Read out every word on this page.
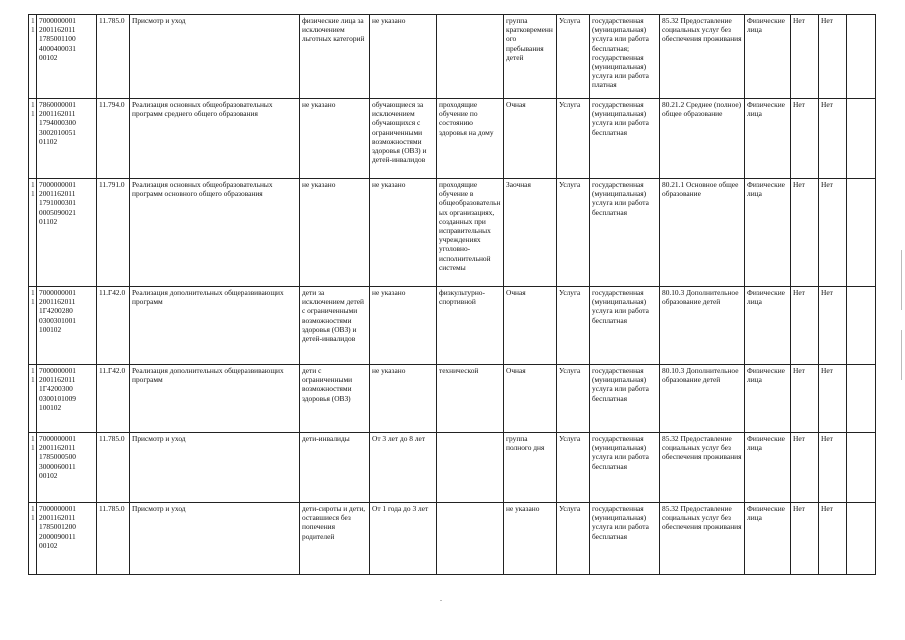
11	7000000001 2001162011 1785001100 4000400031 00102	11.785.0	Присмотр и уход	физические лица за исключением льготных категорий	не указано		группа кратковременного пребывания детей	Услуга	государственная (муниципальная) услуга или работа бесплатная; государственная (муниципальная) услуга или работа платная	85.32 Предоставление социальных услуг без обеспечения проживания	Физические лица	Нет	Нет	
11	7860000001 2001162011 1794000300 3002010051 01102	11.794.0	Реализация основных общеобразовательных программ среднего общего образования	не указано	обучающиеся за исключением обучающихся с ограниченными возможностями здоровья (ОВЗ) и детей-инвалидов	проходящие обучение по состоянию здоровья на дому	Очная	Услуга	государственная (муниципальная) услуга или работа бесплатная	80.21.2 Среднее (полное) общее образование	Физические лица	Нет	Нет	
11	7000000001 2001162011 1791000301 0005090021 01102	11.791.0	Реализация основных общеобразовательных программ основного общего образования	не указано	не указано	проходящие обучение в общеобразовательных организациях, созданных при исправительных учреждениях уголовно-исполнительной системы	Заочная	Услуга	государственная (муниципальная) услуга или работа бесплатная	80.21.1 Основное общее образование	Физические лица	Нет	Нет	
11	7000000001 2001162011 1Г4200280 0300301001 100102	11.Г42.0	Реализация дополнительных общеразвивающих программ	дети за исключением детей с ограниченными возможностями здоровья (ОВЗ) и детей-инвалидов	не указано	физкультурно-спортивной	Очная	Услуга	государственная (муниципальная) услуга или работа бесплатная	80.10.3 Дополнительное образование детей	Физические лица	Нет	Нет	
11	7000000001 2001162011 1Г4200300 0300101009 100102	11.Г42.0	Реализация дополнительных общеразвивающих программ	дети с ограниченными возможностями здоровья (ОВЗ)	не указано	технической	Очная	Услуга	государственная (муниципальная) услуга или работа бесплатная	80.10.3 Дополнительное образование детей	Физические лица	Нет	Нет	
11	7000000001 2001162011 1785000500 3000060011 00102	11.785.0	Присмотр и уход	дети-инвалиды	От 3 лет до 8 лет		группа полного дня	Услуга	государственная (муниципальная) услуга или работа бесплатная	85.32 Предоставление социальных услуг без обеспечения проживания	Физические лица	Нет	Нет	
11	7000000001 2001162011 1785001200 2000090011 00102	11.785.0	Присмотр и уход	дети-сироты и дети, оставшиеся без попечения родителей	От 1 года до 3 лет		не указано	Услуга	государственная (муниципальная) услуга или работа бесплатная	85.32 Предоставление социальных услуг без обеспечения проживания	Физические лица	Нет	Нет	
